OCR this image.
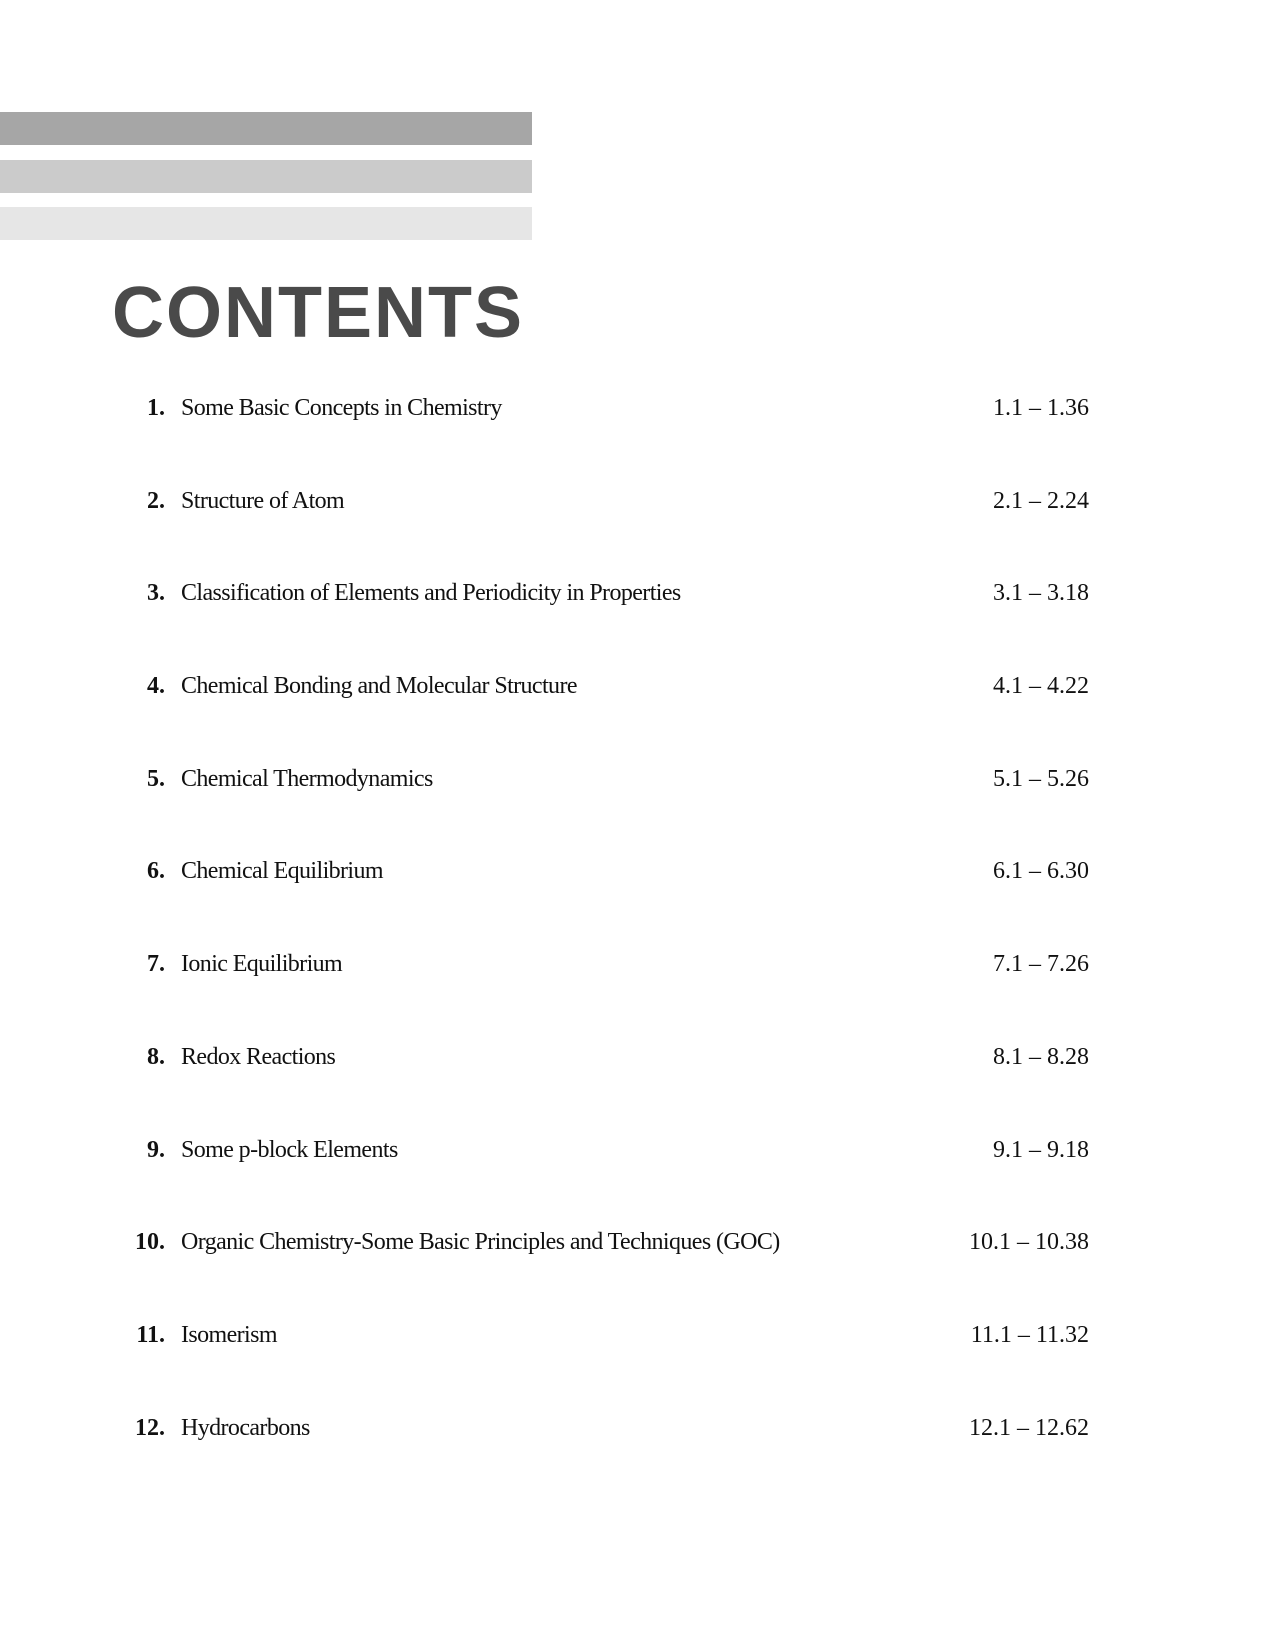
CONTENTS
1. Some Basic Concepts in Chemistry	1.1 – 1.36
2. Structure of Atom	2.1 – 2.24
3. Classification of Elements and Periodicity in Properties	3.1 – 3.18
4. Chemical Bonding and Molecular Structure	4.1 – 4.22
5. Chemical Thermodynamics	5.1 – 5.26
6. Chemical Equilibrium	6.1 – 6.30
7. Ionic Equilibrium	7.1 – 7.26
8. Redox Reactions	8.1 – 8.28
9. Some p-block Elements	9.1 – 9.18
10. Organic Chemistry-Some Basic Principles and Techniques (GOC)	10.1 – 10.38
11. Isomerism	11.1 – 11.32
12. Hydrocarbons	12.1 – 12.62
